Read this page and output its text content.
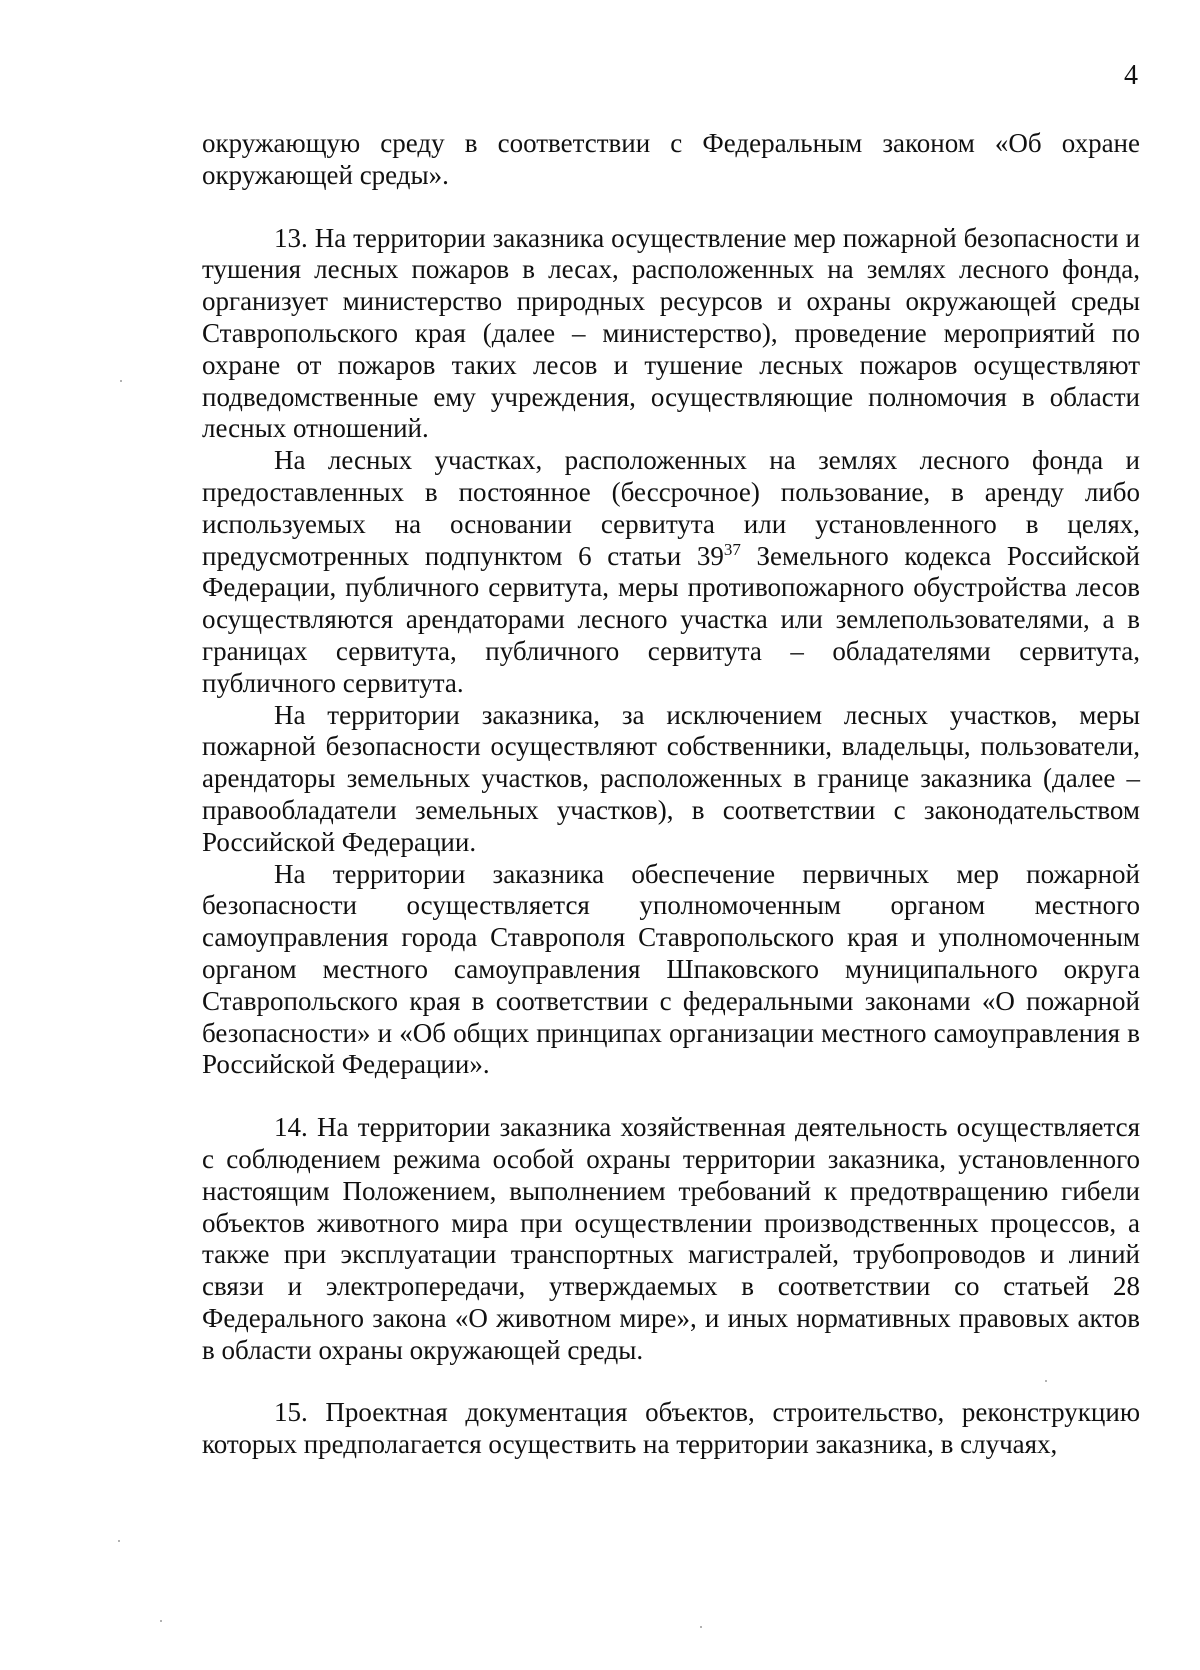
4

окружающую среду в соответствии с Федеральным законом «Об охране окружающей среды».

13. На территории заказника осуществление мер пожарной безопасности и тушения лесных пожаров в лесах, расположенных на землях лесного фонда, организует министерство природных ресурсов и охраны окружающей среды Ставропольского края (далее – министерство), проведение мероприятий по охране от пожаров таких лесов и тушение лесных пожаров осуществляют подведомственные ему учреждения, осуществляющие полномочия в области лесных отношений.

На лесных участках, расположенных на землях лесного фонда и предоставленных в постоянное (бессрочное) пользование, в аренду либо используемых на основании сервитута или установленного в целях, предусмотренных подпунктом 6 статьи $39^{37}$ Земельного кодекса Российской Федерации, публичного сервитута, меры противопожарного обустройства лесов осуществляются арендаторами лесного участка или землепользователями, а в границах сервитута, публичного сервитута – обладателями сервитута, публичного сервитута.

На территории заказника, за исключением лесных участков, меры пожарной безопасности осуществляют собственники, владельцы, пользователи, арендаторы земельных участков, расположенных в границе заказника (далее – правообладатели земельных участков), в соответствии с законодательством Российской Федерации.

На территории заказника обеспечение первичных мер пожарной безопасности осуществляется уполномоченным органом местного самоуправления города Ставрополя Ставропольского края и уполномоченным органом местного самоуправления Шпаковского муниципального округа Ставропольского края в соответствии с федеральными законами «О пожарной безопасности» и «Об общих принципах организации местного самоуправления в Российской Федерации».

14. На территории заказника хозяйственная деятельность осуществляется с соблюдением режима особой охраны территории заказника, установленного настоящим Положением, выполнением требований к предотвращению гибели объектов животного мира при осуществлении производственных процессов, а также при эксплуатации транспортных магистралей, трубопроводов и линий связи и электропередачи, утверждаемых в соответствии со статьей 28 Федерального закона «О животном мире», и иных нормативных правовых актов в области охраны окружающей среды.

15. Проектная документация объектов, строительство, реконструкцию которых предполагается осуществить на территории заказника, в случаях,
